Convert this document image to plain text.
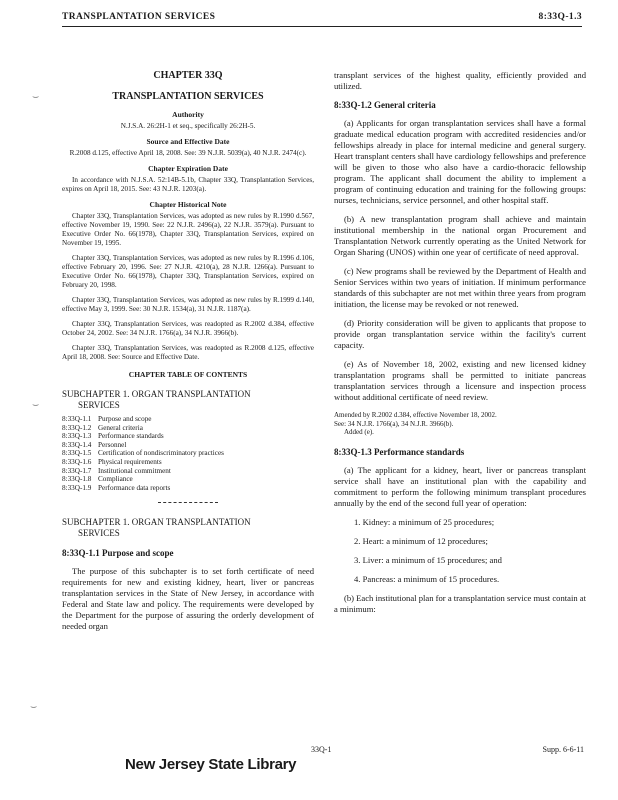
TRANSPLANTATION SERVICES	8:33Q-1.3
⌣
⌣
⌣
CHAPTER 33Q
TRANSPLANTATION SERVICES
Authority
N.J.S.A. 26:2H-1 et seq., specifically 26:2H-5.
Source and Effective Date
R.2008 d.125, effective April 18, 2008. See: 39 N.J.R. 5039(a), 40 N.J.R. 2474(c).
Chapter Expiration Date
In accordance with N.J.S.A. 52:14B-5.1b, Chapter 33Q, Transplantation Services, expires on April 18, 2015. See: 43 N.J.R. 1203(a).
Chapter Historical Note
Chapter 33Q, Transplantation Services, was adopted as new rules by R.1990 d.567, effective November 19, 1990. See: 22 N.J.R. 2496(a), 22 N.J.R. 3579(a). Pursuant to Executive Order No. 66(1978), Chapter 33Q, Transplantation Services, expired on November 19, 1995.
Chapter 33Q, Transplantation Services, was adopted as new rules by R.1996 d.106, effective February 20, 1996. See: 27 N.J.R. 4210(a), 28 N.J.R. 1266(a). Pursuant to Executive Order No. 66(1978), Chapter 33Q, Transplantation Services, expired on February 20, 1998.
Chapter 33Q, Transplantation Services, was adopted as new rules by R.1999 d.140, effective May 3, 1999. See: 30 N.J.R. 1534(a), 31 N.J.R. 1187(a).
Chapter 33Q, Transplantation Services, was readopted as R.2002 d.384, effective October 24, 2002. See: 34 N.J.R. 1766(a), 34 N.J.R. 3966(b).
Chapter 33Q, Transplantation Services, was readopted as R.2008 d.125, effective April 18, 2008. See: Source and Effective Date.
CHAPTER TABLE OF CONTENTS
SUBCHAPTER 1. ORGAN TRANSPLANTATION
SERVICES
8:33Q-1.1 Purpose and scope
8:33Q-1.2 General criteria
8:33Q-1.3 Performance standards
8:33Q-1.4 Personnel
8:33Q-1.5 Certification of nondiscriminatory practices
8:33Q-1.6 Physical requirements
8:33Q-1.7 Institutional commitment
8:33Q-1.8 Compliance
8:33Q-1.9 Performance data reports
SUBCHAPTER 1. ORGAN TRANSPLANTATION
SERVICES
8:33Q-1.1 Purpose and scope
The purpose of this subchapter is to set forth certificate of need requirements for new and existing kidney, heart, liver or pancreas transplantation services in the State of New Jersey, in accordance with Federal and State law and policy. The requirements were developed by the Department for the purpose of assuring the orderly development of needed organ
transplant services of the highest quality, efficiently provided and utilized.
8:33Q-1.2 General criteria
(a) Applicants for organ transplantation services shall have a formal graduate medical education program with accredited residencies and/or fellowships already in place for internal medicine and general surgery. Heart transplant centers shall have cardiology fellowships and preference will be given to those who also have a cardio-thoracic fellowship program. The applicant shall document the ability to implement a program of continuing education and training for the following groups: nurses, technicians, service personnel, and other hospital staff.
(b) A new transplantation program shall achieve and maintain institutional membership in the national organ Procurement and Transplantation Network currently operating as the United Network for Organ Sharing (UNOS) within one year of certificate of need approval.
(c) New programs shall be reviewed by the Department of Health and Senior Services within two years of initiation. If minimum performance standards of this subchapter are not met within three years from program initiation, the license may be revoked or not renewed.
(d) Priority consideration will be given to applicants that propose to provide organ transplantation service within the facility's current capacity.
(e) As of November 18, 2002, existing and new licensed kidney transplantation programs shall be permitted to initiate pancreas transplantation services through a licensure and inspection process without additional certificate of need review.
Amended by R.2002 d.384, effective November 18, 2002.
See: 34 N.J.R. 1766(a), 34 N.J.R. 3966(b).
Added (e).
8:33Q-1.3 Performance standards
(a) The applicant for a kidney, heart, liver or pancreas transplant service shall have an institutional plan with the capability and commitment to perform the following minimum transplant procedures annually by the end of the second full year of operation:
1. Kidney: a minimum of 25 procedures;
2. Heart: a minimum of 12 procedures;
3. Liver: a minimum of 15 procedures; and
4. Pancreas: a minimum of 15 procedures.
(b) Each institutional plan for a transplantation service must contain at a minimum:
33Q-1	Supp. 6-6-11
New Jersey State Library
